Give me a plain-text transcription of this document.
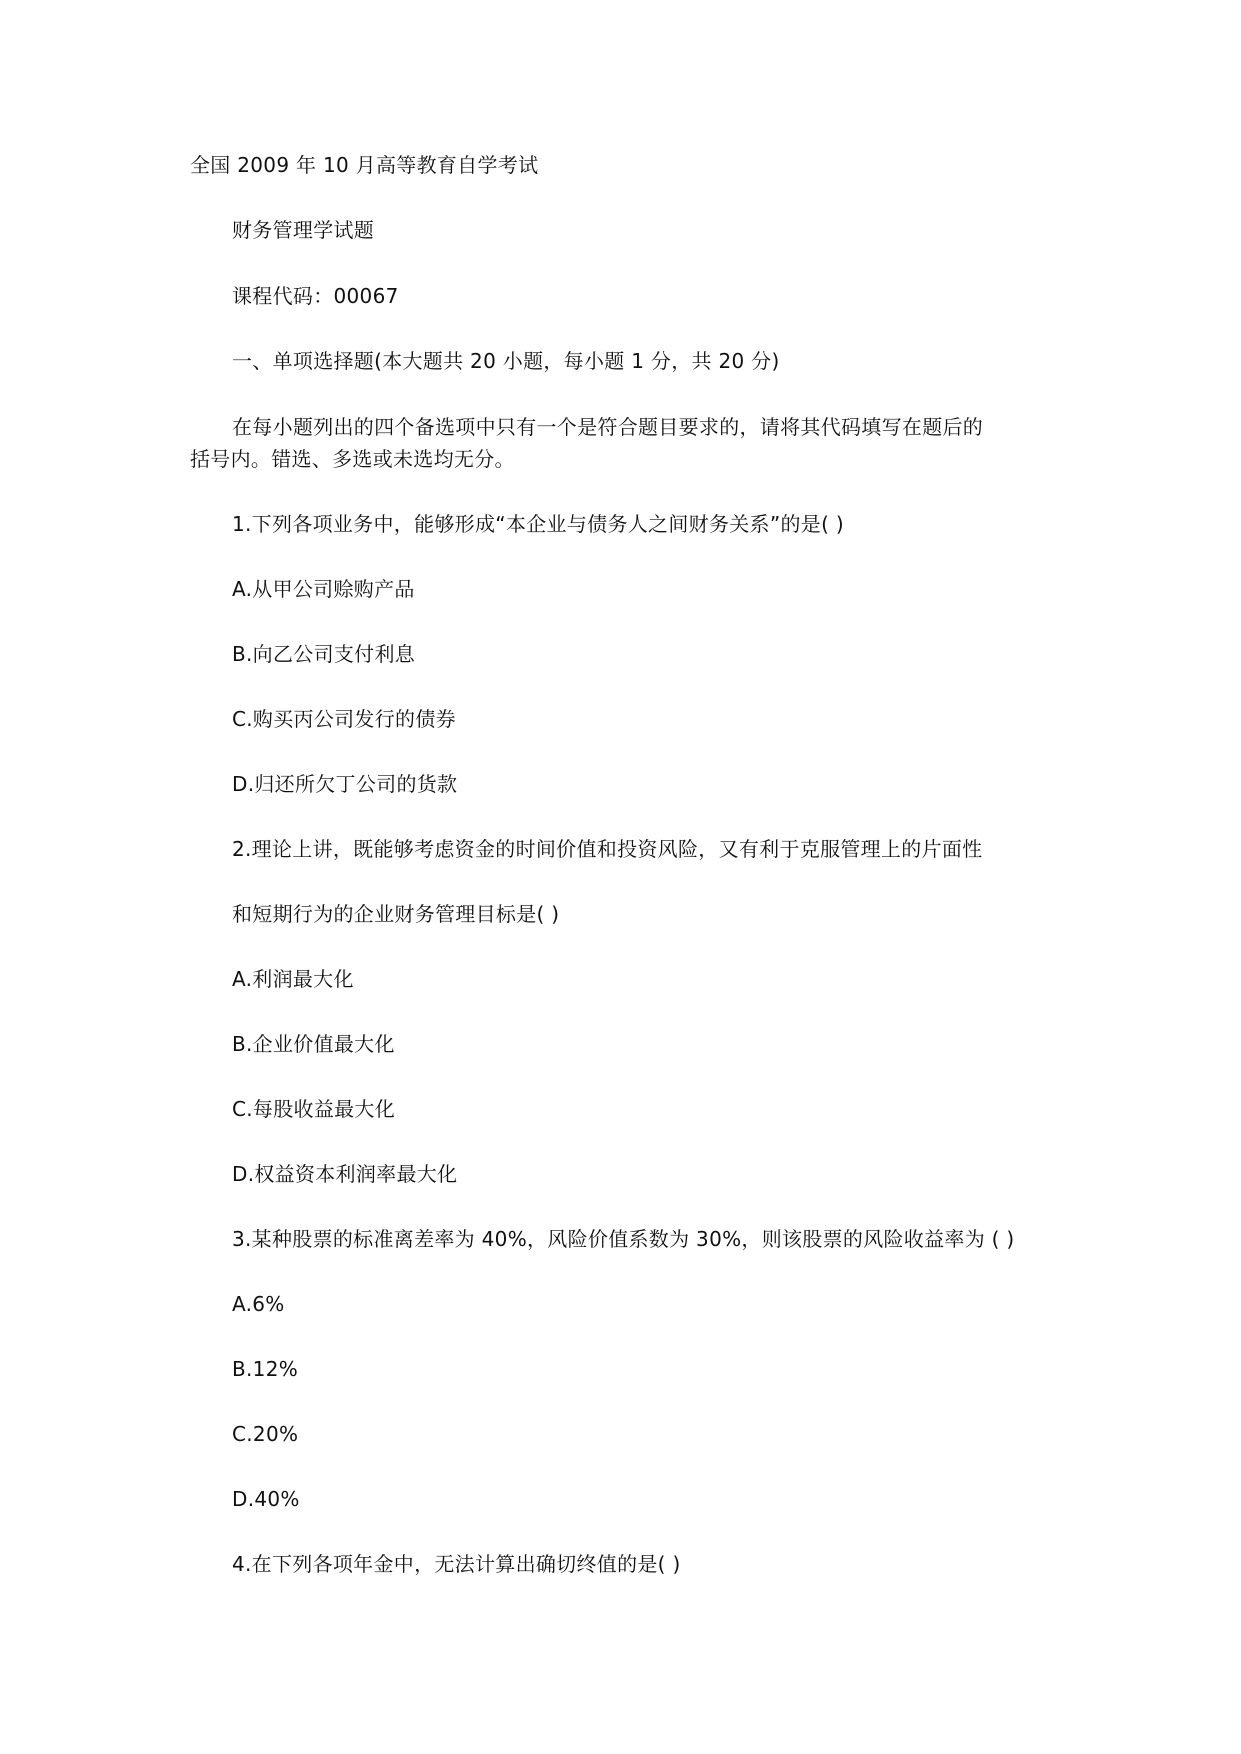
全国 2009 年 10 月高等教育自学考试
财务管理学试题
课程代码：00067
一、单项选择题(本大题共 20 小题，每小题 1 分，共 20 分)
在每小题列出的四个备选项中只有一个是符合题目要求的，请将其代码填写在题后的
括号内。错选、多选或未选均无分。
1.下列各项业务中，能够形成“本企业与债务人之间财务关系”的是( )
A.从甲公司赊购产品
B.向乙公司支付利息
C.购买丙公司发行的债券
D.归还所欠丁公司的货款
2.理论上讲，既能够考虑资金的时间价值和投资风险，又有利于克服管理上的片面性
和短期行为的企业财务管理目标是( )
A.利润最大化
B.企业价值最大化
C.每股收益最大化
D.权益资本利润率最大化
3.某种股票的标准离差率为 40%，风险价值系数为 30%，则该股票的风险收益率为 ( )
A.6%
B.12%
C.20%
D.40%
4.在下列各项年金中，无法计算出确切终值的是( )
